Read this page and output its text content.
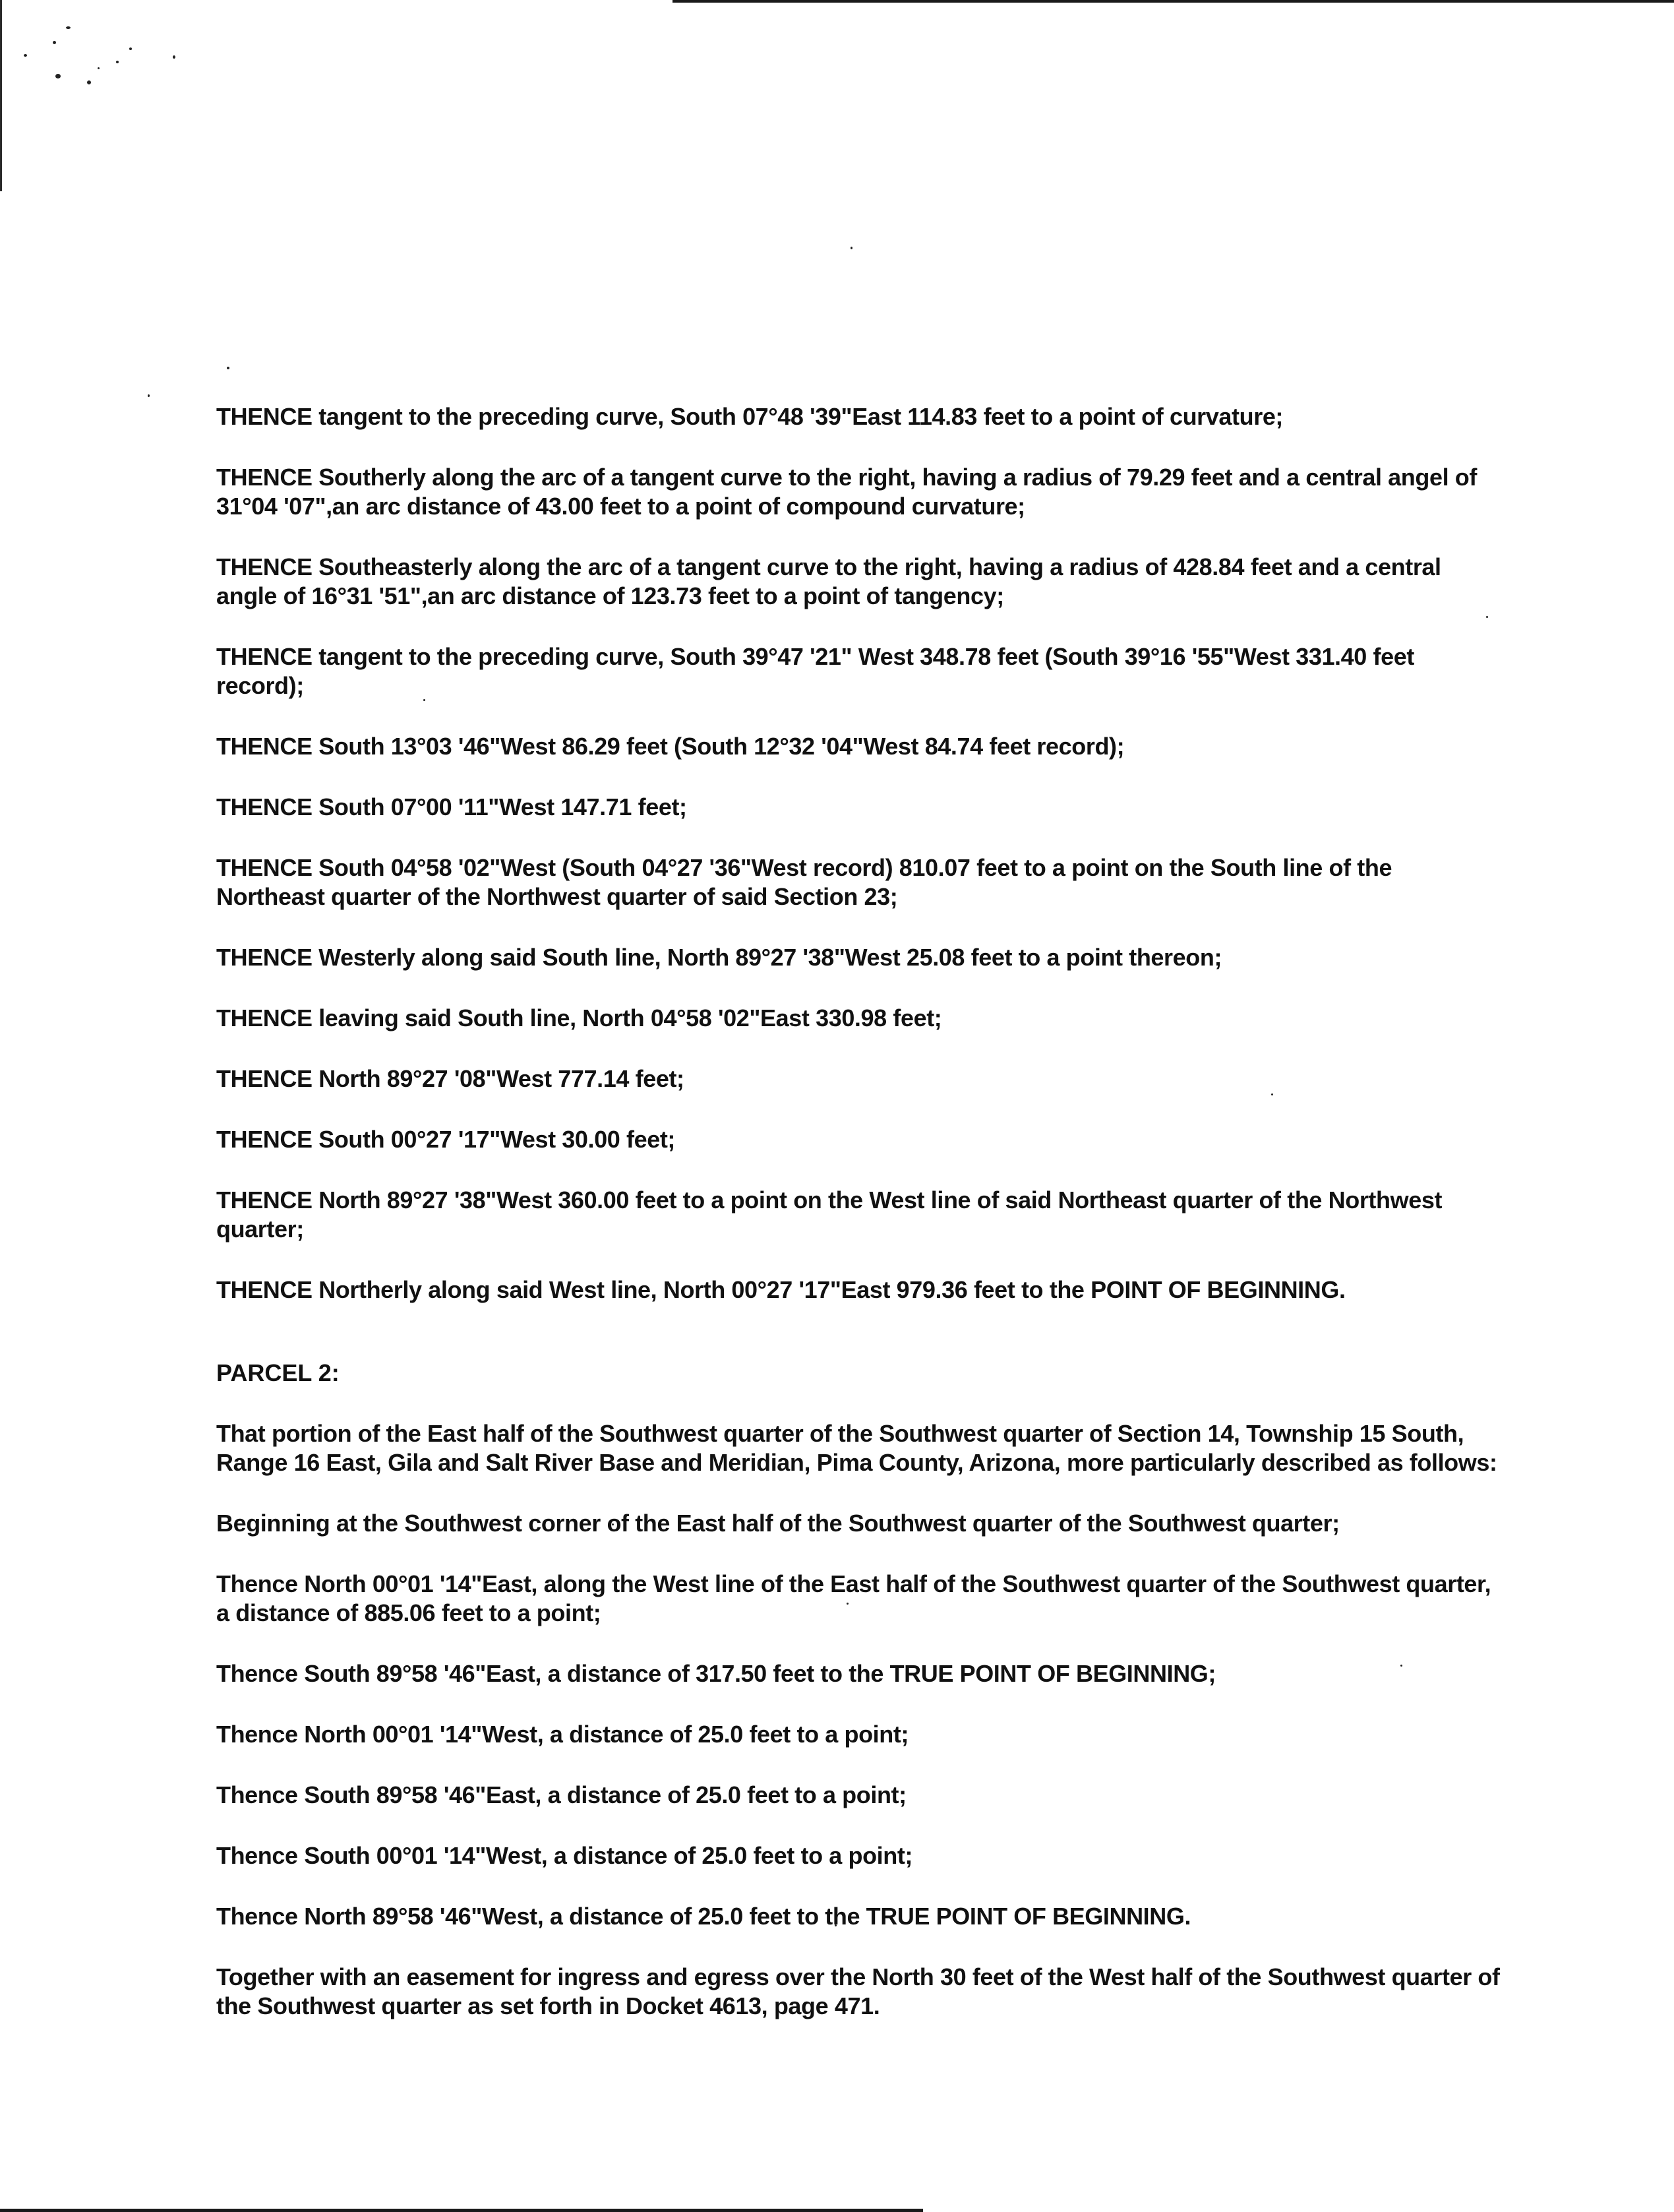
THENCE tangent to the preceding curve, South 07°48 '39"East 114.83 feet to a point of curvature;

THENCE Southerly along the arc of a tangent curve to the right, having a radius of 79.29 feet and a central angel of 31°04 '07",an arc distance of 43.00 feet to a point of compound curvature;

THENCE Southeasterly along the arc of a tangent curve to the right, having a radius of 428.84 feet and a central angle of 16°31 '51",an arc distance of 123.73 feet to a point of tangency;

THENCE tangent to the preceding curve, South 39°47 '21" West 348.78 feet (South 39°16 '55"West 331.40 feet record);

THENCE South 13°03 '46"West 86.29 feet (South 12°32 '04"West 84.74 feet record);

THENCE South 07°00 '11"West 147.71 feet;

THENCE South 04°58 '02"West (South 04°27 '36"West record) 810.07 feet to a point on the South line of the Northeast quarter of the Northwest quarter of said Section 23;

THENCE Westerly along said South line, North 89°27 '38"West 25.08 feet to a point thereon;

THENCE leaving said South line, North 04°58 '02"East 330.98 feet;

THENCE North 89°27 '08"West 777.14 feet;

THENCE South 00°27 '17"West 30.00 feet;

THENCE North 89°27 '38"West 360.00 feet to a point on the West line of said Northeast quarter of the Northwest quarter;

THENCE Northerly along said West line, North 00°27 '17"East 979.36 feet to the POINT OF BEGINNING.

PARCEL 2:

That portion of the East half of the Southwest quarter of the Southwest quarter of Section 14, Township 15 South, Range 16 East, Gila and Salt River Base and Meridian, Pima County, Arizona, more particularly described as follows:

Beginning at the Southwest corner of the East half of the Southwest quarter of the Southwest quarter;

Thence North 00°01 '14"East, along the West line of the East half of the Southwest quarter of the Southwest quarter, a distance of 885.06 feet to a point;

Thence South 89°58 '46"East, a distance of 317.50 feet to the TRUE POINT OF BEGINNING;

Thence North 00°01 '14"West, a distance of 25.0 feet to a point;

Thence South 89°58 '46"East, a distance of 25.0 feet to a point;

Thence South 00°01 '14"West, a distance of 25.0 feet to a point;

Thence North 89°58 '46"West, a distance of 25.0 feet to the TRUE POINT OF BEGINNING.

Together with an easement for ingress and egress over the North 30 feet of the West half of the Southwest quarter of the Southwest quarter as set forth in Docket 4613, page 471.
